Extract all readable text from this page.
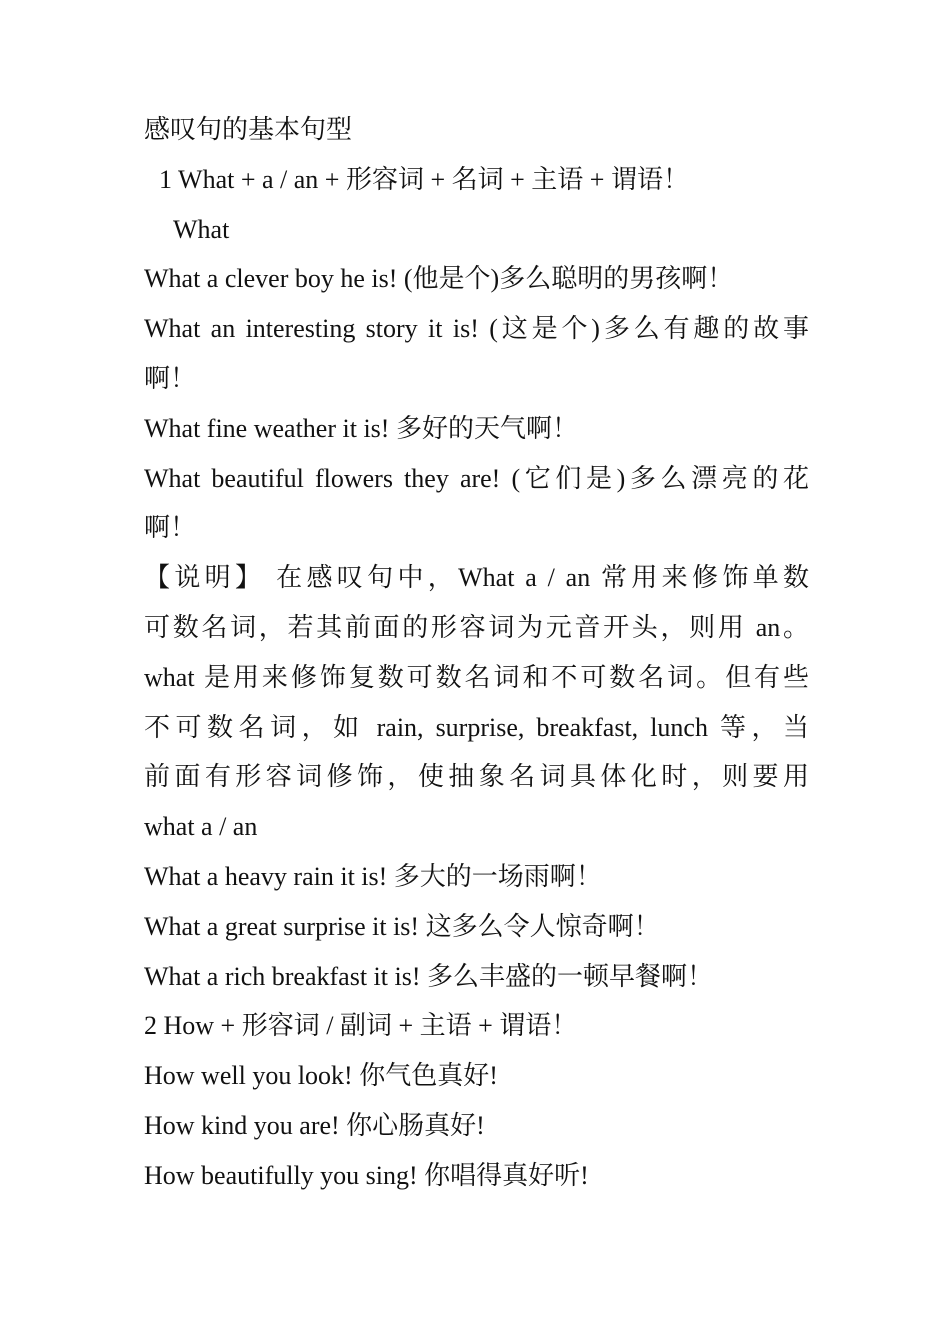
感叹句的基本句型
1 What + a / an + 形容词 + 名词 + 主语 + 谓语！
What
What a clever boy he is! (他是个)多么聪明的男孩啊！
What an interesting story it is! (这是个)多么有趣的故事
啊！
What fine weather it is! 多好的天气啊！
What beautiful flowers they are! (它们是)多么漂亮的花
啊！
【说明】 在感叹句中，What a / an 常用来修饰单数
可数名词，若其前面的形容词为元音开头，则用 an。
what 是用来修饰复数可数名词和不可数名词。但有些
不可数名词，如 rain, surprise, breakfast, lunch 等，当
前面有形容词修饰，使抽象名词具体化时，则要用
what a / an
What a heavy rain it is! 多大的一场雨啊！
What a great surprise it is! 这多么令人惊奇啊！
What a rich breakfast it is! 多么丰盛的一顿早餐啊！
2 How + 形容词 / 副词 + 主语 + 谓语！
How well you look! 你气色真好!
How kind you are! 你心肠真好!
How beautifully you sing! 你唱得真好听!
